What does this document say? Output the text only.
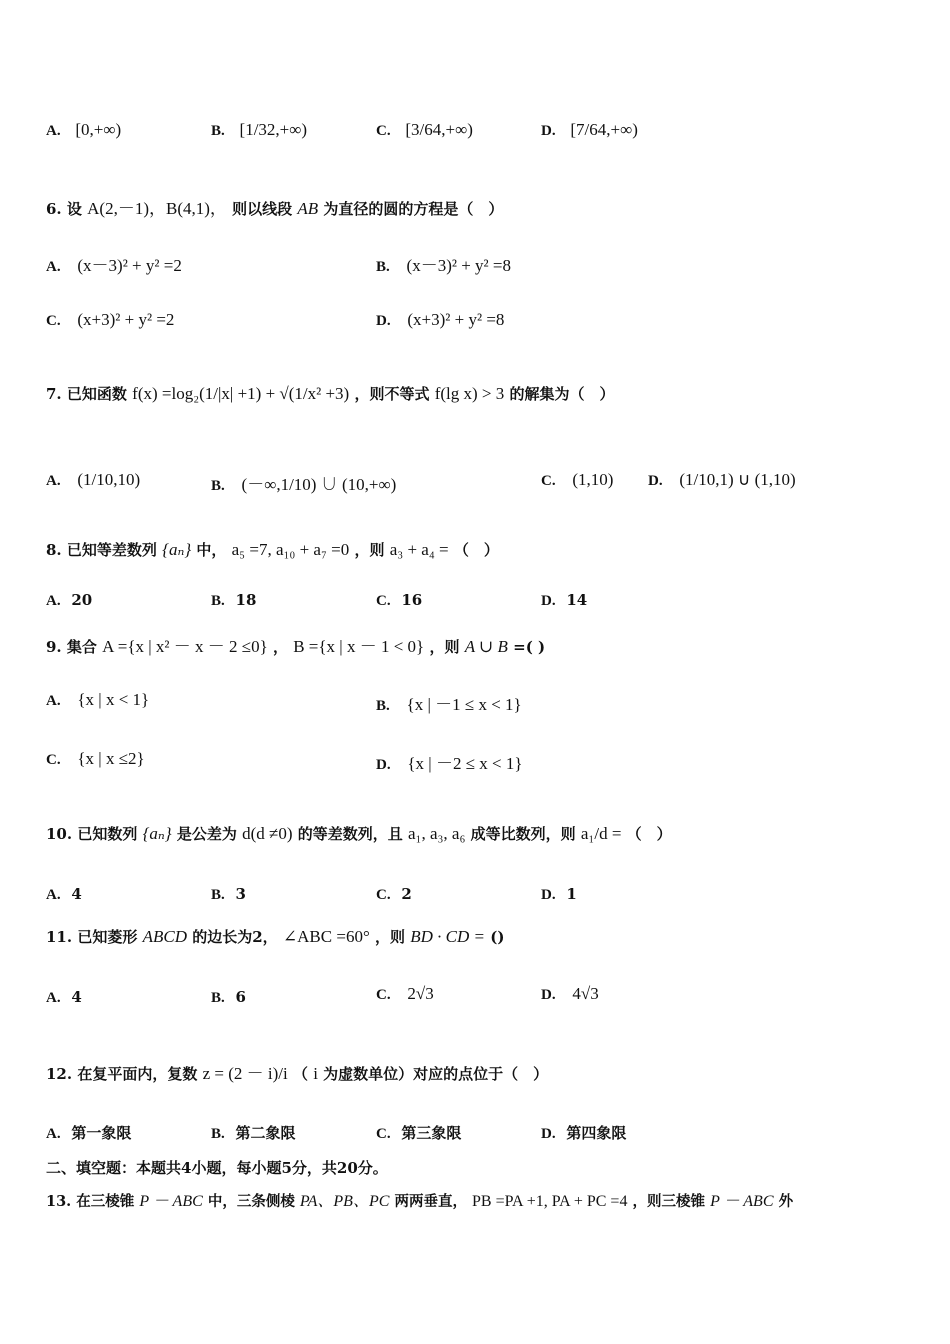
A. [0,+∞)	B. [1/32,+∞)	C. [3/64,+∞)	D. [7/64,+∞)
6. 设 A(2,－1)，B(4,1)， 则以线段 AB 为直径的圆的方程是（　）
A. (x－3)² + y² =2	B. (x－3)² + y² =8
C. (x+3)² + y² =2	D. (x+3)² + y² =8
7. 已知函数 f(x) =log₂(1/|x| +1) + √(1/x² +3) ，则不等式 f(lg x) > 3 的解集为（　）
A. (1/10,10)	B. (－∞,1/10) ∪ (10,+∞)	C. (1,10) D. (1/10,1) ∪ (1,10)
8. 已知等差数列 {aₙ} 中， a₅ =7, a₁₀ + a₇ =0 ，则 a₃ + a₄ = （　）
A. 20	B. 18	C. 16	D. 14
9. 集合 A ={x | x² － x － 2 ≤0} ， B ={x | x － 1 < 0} ，则 A ∪ B =( )
A. {x | x < 1}	B. {x | －1 ≤ x < 1}
C. {x | x ≤2}	D. {x | －2 ≤ x < 1}
10. 已知数列 {aₙ} 是公差为 d(d ≠0) 的等差数列，且 a₁, a₃, a₆ 成等比数列，则 a₁/d = （　）
A. 4	B. 3	C. 2	D. 1
11. 已知菱形 ABCD 的边长为2， ∠ABC =60° ，则 BD · CD = ()
A. 4	B. 6	C. 2√3	D. 4√3
12. 在复平面内，复数 z = (2 － i)/i （ i 为虚数单位）对应的点位于（　）
A. 第一象限	B. 第二象限	C. 第三象限	D. 第四象限
二、填空题：本题共4小题，每小题5分，共20分。
13. 在三棱锥 P － ABC 中，三条侧棱 PA、PB、PC 两两垂直， PB =PA +1, PA + PC =4 ，则三棱锥 P － ABC 外
